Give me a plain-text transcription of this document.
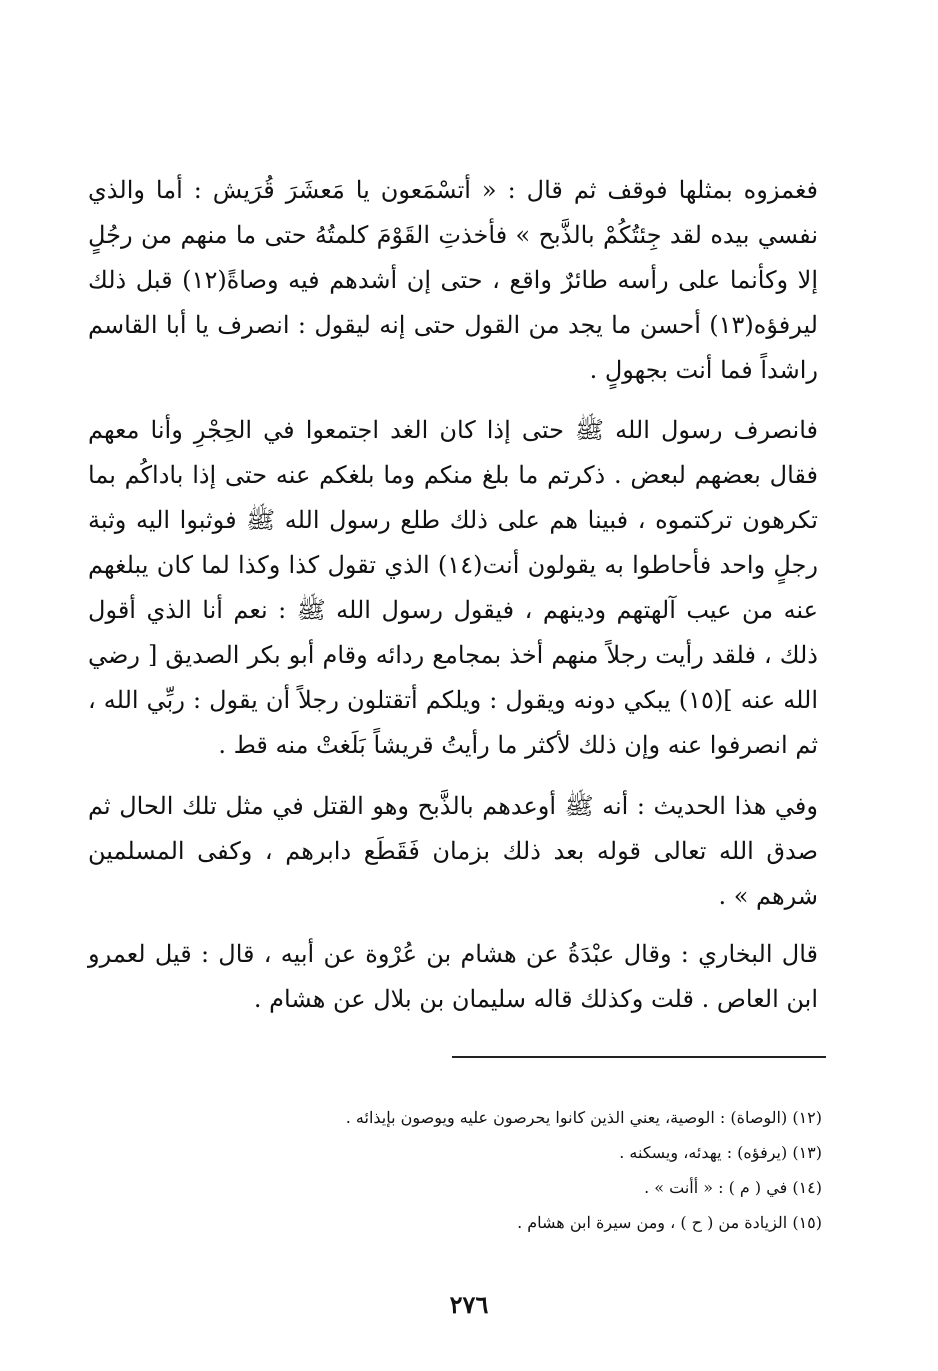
فغمزوه بمثلها فوقف ثم قال : « أتسْمَعون يا مَعشَرَ قُرَيش : أما والذي نفسي بيده لقد جِئتُكُمْ بالذَّبح » فأخذتِ القَوْمَ كلمتُهُ حتى ما منهم من رجُلٍ إلا وكأنما على رأسه طائرٌ واقع ، حتى إن أشدهم فيه وصاةً(١٢) قبل ذلك ليرفؤه(١٣) أحسن ما يجد من القول حتى إنه ليقول : انصرف يا أبا القاسم راشداً فما أنت بجهولٍ .

فانصرف رسول الله ﷺ حتى إذا كان الغد اجتمعوا في الحِجْرِ وأنا معهم فقال بعضهم لبعض . ذكرتم ما بلغ منكم وما بلغكم عنه حتى إذا باداكُم بما تكرهون تركتموه ، فبينا هم على ذلك طلع رسول الله ﷺ فوثبوا اليه وثبة رجلٍ واحد فأحاطوا به يقولون أنت(١٤) الذي تقول كذا وكذا لما كان يبلغهم عنه من عيب آلهتهم ودينهم ، فيقول رسول الله ﷺ : نعم أنا الذي أقول ذلك ، فلقد رأيت رجلاً منهم أخذ بمجامع ردائه وقام أبو بكر الصديق [ رضي الله عنه ](١٥) يبكي دونه ويقول : ويلكم أتقتلون رجلاً أن يقول : ربِّي الله ، ثم انصرفوا عنه وإن ذلك لأكثر ما رأيتُ قريشاً بَلَغتْ منه قط .

وفي هذا الحديث : أنه ﷺ أوعدهم بالذَّبح وهو القتل في مثل تلك الحال ثم صدق الله تعالى قوله بعد ذلك بزمان فَقَطَع دابرهم ، وكفى المسلمين شرهم » .

قال البخاري : وقال عبْدَةُ عن هشام بن عُرْوة عن أبيه ، قال : قيل لعمرو ابن العاص . قلت وكذلك قاله سليمان بن بلال عن هشام .

(١٢) (الوصاة) : الوصية، يعني الذين كانوا يحرصون عليه ويوصون بإيذائه .
(١٣) (يرفؤه) : يهدئه، ويسكنه .
(١٤) في ( م ) : « أأنت » .
(١٥) الزيادة من ( ح ) ، ومن سيرة ابن هشام .
٢٧٦
